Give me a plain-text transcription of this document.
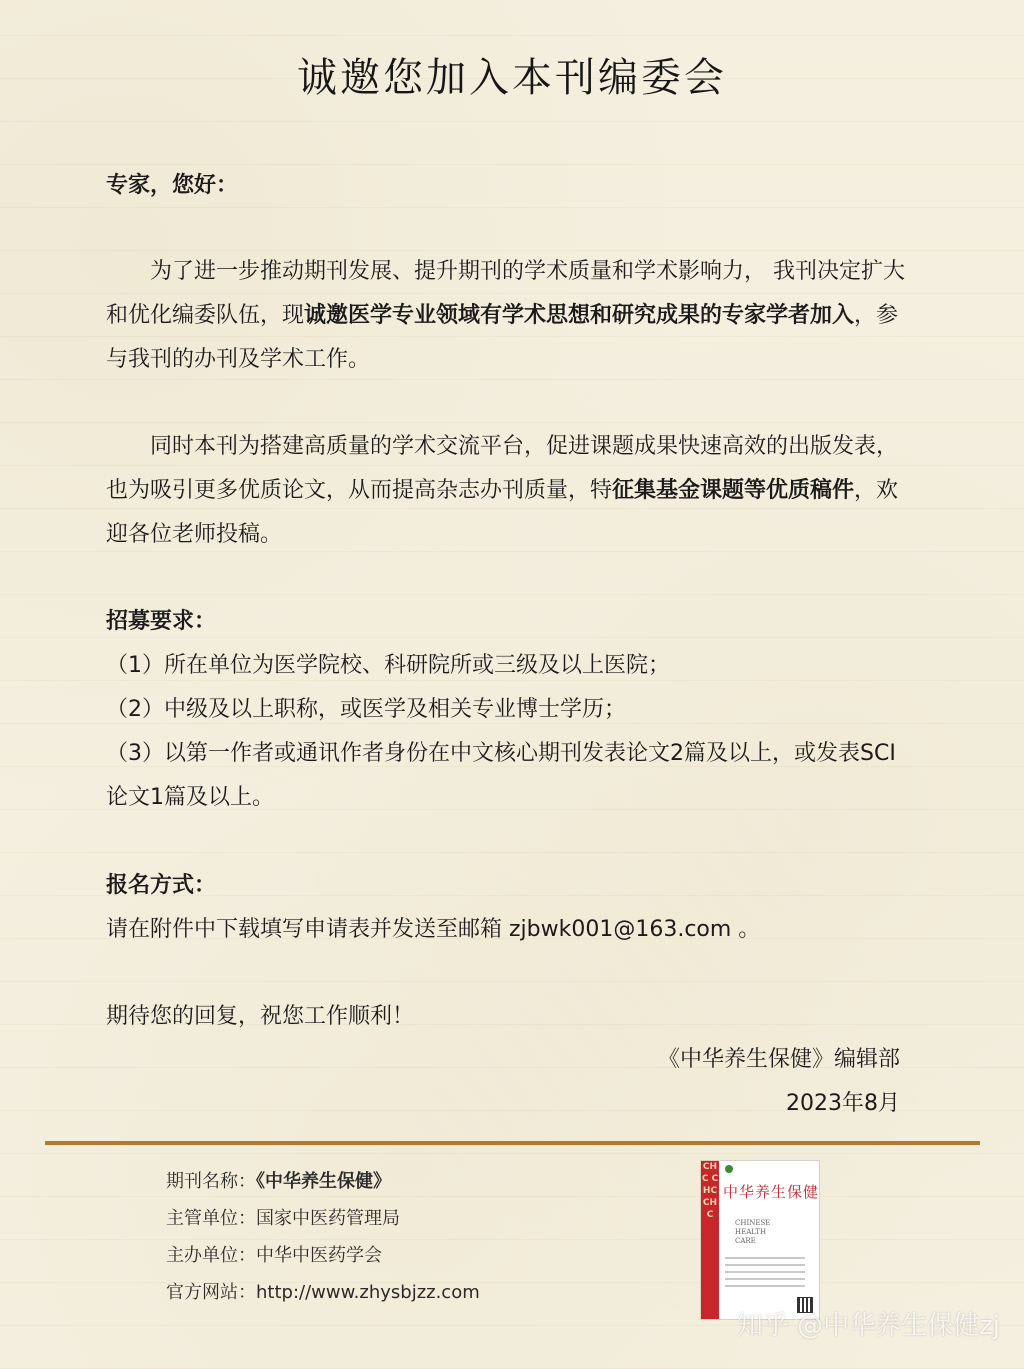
诚邀您加入本刊编委会
专家，您好：
为了进一步推动期刊发展、提升期刊的学术质量和学术影响力， 我刊决定扩大和优化编委队伍，现诚邀医学专业领域有学术思想和研究成果的专家学者加入，参与我刊的办刊及学术工作。
同时本刊为搭建高质量的学术交流平台，促进课题成果快速高效的出版发表，也为吸引更多优质论文，从而提高杂志办刊质量，特征集基金课题等优质稿件，欢迎各位老师投稿。
招募要求：
（1）所在单位为医学院校、科研院所或三级及以上医院；
（2）中级及以上职称，或医学及相关专业博士学历；
（3）以第一作者或通讯作者身份在中文核心期刊发表论文2篇及以上，或发表SCI论文1篇及以上。
报名方式：
请在附件中下载填写申请表并发送至邮箱 zjbwk001@163.com 。
期待您的回复，祝您工作顺利！
《中华养生保健》编辑部
2023年8月
期刊名称：《中华养生保健》
主管单位：国家中医药管理局
主办单位：中华中医药学会
官方网站：http://www.zhysbjzz.com
CHC CHC CHC
中华养生保健
CHINESE
HEALTH
CARE
知乎 @中华养生保健zj
